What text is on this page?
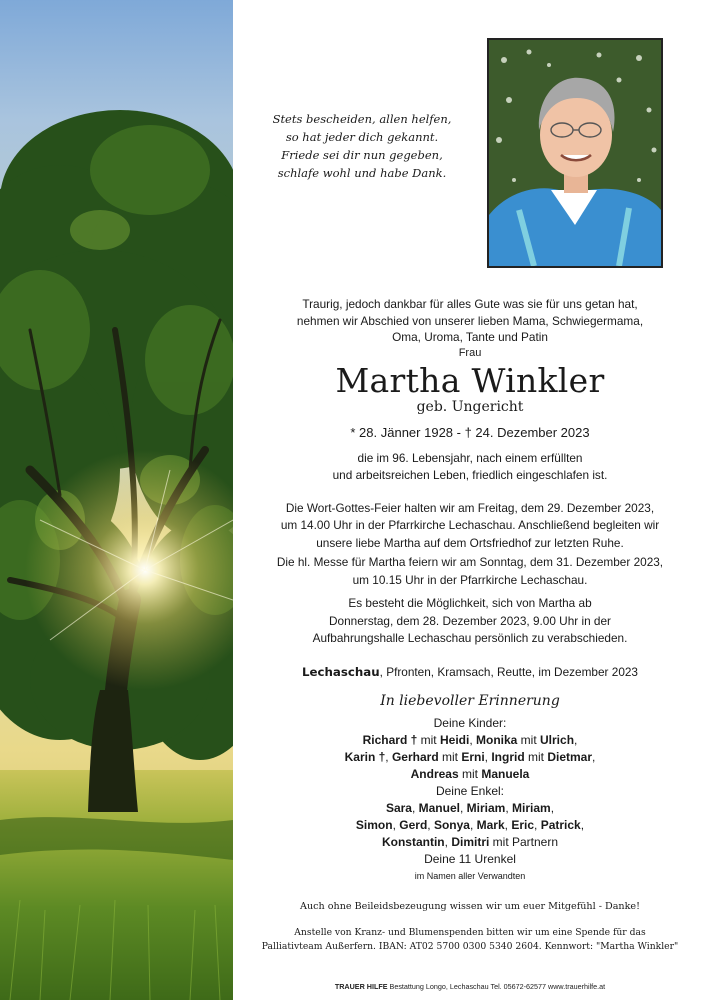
Stets bescheiden, allen helfen,
so hat jeder dich gekannt.
Friede sei dir nun gegeben,
schlafe wohl und habe Dank.
Traurig, jedoch dankbar für alles Gute was sie für uns getan hat,
nehmen wir Abschied von unserer lieben Mama, Schwiegermama,
Oma, Uroma, Tante und Patin
Frau
Martha Winkler
geb. Ungericht
* 28. Jänner 1928 - † 24. Dezember 2023
die im 96. Lebensjahr, nach einem erfüllten
und arbeitsreichen Leben, friedlich eingeschlafen ist.
Die Wort-Gottes-Feier halten wir am Freitag, dem 29. Dezember 2023,
um 14.00 Uhr in der Pfarrkirche Lechaschau. Anschließend begleiten wir
unsere liebe Martha auf dem Ortsfriedhof zur letzten Ruhe.
Die hl. Messe für Martha feiern wir am Sonntag, dem 31. Dezember 2023,
um 10.15 Uhr in der Pfarrkirche Lechaschau.
Es besteht die Möglichkeit, sich von Martha ab
Donnerstag, dem 28. Dezember 2023, 9.00 Uhr in der
Aufbahrungshalle Lechaschau persönlich zu verabschieden.
Lechaschau, Pfronten, Kramsach, Reutte, im Dezember 2023
In liebevoller Erinnerung
Deine Kinder:
Richard † mit Heidi, Monika mit Ulrich,
Karin †, Gerhard mit Erni, Ingrid mit Dietmar,
Andreas mit Manuela
Deine Enkel:
Sara, Manuel, Miriam, Miriam,
Simon, Gerd, Sonya, Mark, Eric, Patrick,
Konstantin, Dimitri mit Partnern
Deine 11 Urenkel
im Namen aller Verwandten
Auch ohne Beileidsbezeugung wissen wir um euer Mitgefühl - Danke!
Anstelle von Kranz- und Blumenspenden bitten wir um eine Spende für das
Palliativteam Außerfern. IBAN: AT02 5700 0300 5340 2604. Kennwort: "Martha Winkler"
TRAUER HILFE Bestattung Longo, Lechaschau Tel. 05672-62577 www.trauerhilfe.at
